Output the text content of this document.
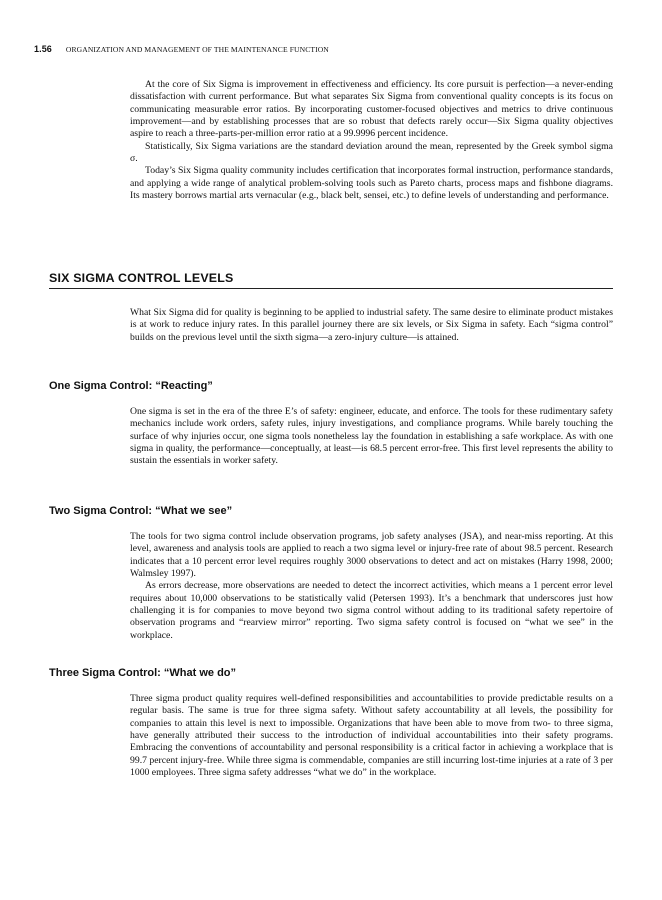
1.56 ORGANIZATION AND MANAGEMENT OF THE MAINTENANCE FUNCTION

At the core of Six Sigma is improvement in effectiveness and efficiency. Its core pursuit is perfection—a never-ending dissatisfaction with current performance. But what separates Six Sigma from conventional quality concepts is its focus on communicating measurable error ratios. By incorporating customer-focused objectives and metrics to drive continuous improvement—and by establishing processes that are so robust that defects rarely occur—Six Sigma quality objectives aspire to reach a three-parts-per-million error ratio at a 99.9996 percent incidence.

Statistically, Six Sigma variations are the standard deviation around the mean, represented by the Greek symbol sigma σ.

Today’s Six Sigma quality community includes certification that incorporates formal instruction, performance standards, and applying a wide range of analytical problem-solving tools such as Pareto charts, process maps and fishbone diagrams. Its mastery borrows martial arts vernacular (e.g., black belt, sensei, etc.) to define levels of understanding and performance.

SIX SIGMA CONTROL LEVELS

What Six Sigma did for quality is beginning to be applied to industrial safety. The same desire to eliminate product mistakes is at work to reduce injury rates. In this parallel journey there are six levels, or Six Sigma in safety. Each “sigma control” builds on the previous level until the sixth sigma—a zero-injury culture—is attained.

One Sigma Control: “Reacting”

One sigma is set in the era of the three E’s of safety: engineer, educate, and enforce. The tools for these rudimentary safety mechanics include work orders, safety rules, injury investigations, and compliance programs. While barely touching the surface of why injuries occur, one sigma tools nonetheless lay the foundation in establishing a safe workplace. As with one sigma in quality, the performance—conceptually, at least—is 68.5 percent error-free. This first level represents the ability to sustain the essentials in worker safety.

Two Sigma Control: “What we see”

The tools for two sigma control include observation programs, job safety analyses (JSA), and near-miss reporting. At this level, awareness and analysis tools are applied to reach a two sigma level or injury-free rate of about 98.5 percent. Research indicates that a 10 percent error level requires roughly 3000 observations to detect and act on mistakes (Harry 1998, 2000; Walmsley 1997).

As errors decrease, more observations are needed to detect the incorrect activities, which means a 1 percent error level requires about 10,000 observations to be statistically valid (Petersen 1993). It’s a benchmark that underscores just how challenging it is for companies to move beyond two sigma control without adding to its traditional safety repertoire of observation programs and “rearview mirror” reporting. Two sigma safety control is focused on “what we see” in the workplace.

Three Sigma Control: “What we do”

Three sigma product quality requires well-defined responsibilities and accountabilities to provide predictable results on a regular basis. The same is true for three sigma safety. Without safety accountability at all levels, the possibility for companies to attain this level is next to impossible. Organizations that have been able to move from two- to three sigma, have generally attributed their success to the introduction of individual accountabilities into their safety programs. Embracing the conventions of accountability and personal responsibility is a critical factor in achieving a workplace that is 99.7 percent injury-free. While three sigma is commendable, companies are still incurring lost-time injuries at a rate of 3 per 1000 employees. Three sigma safety addresses “what we do” in the workplace.
